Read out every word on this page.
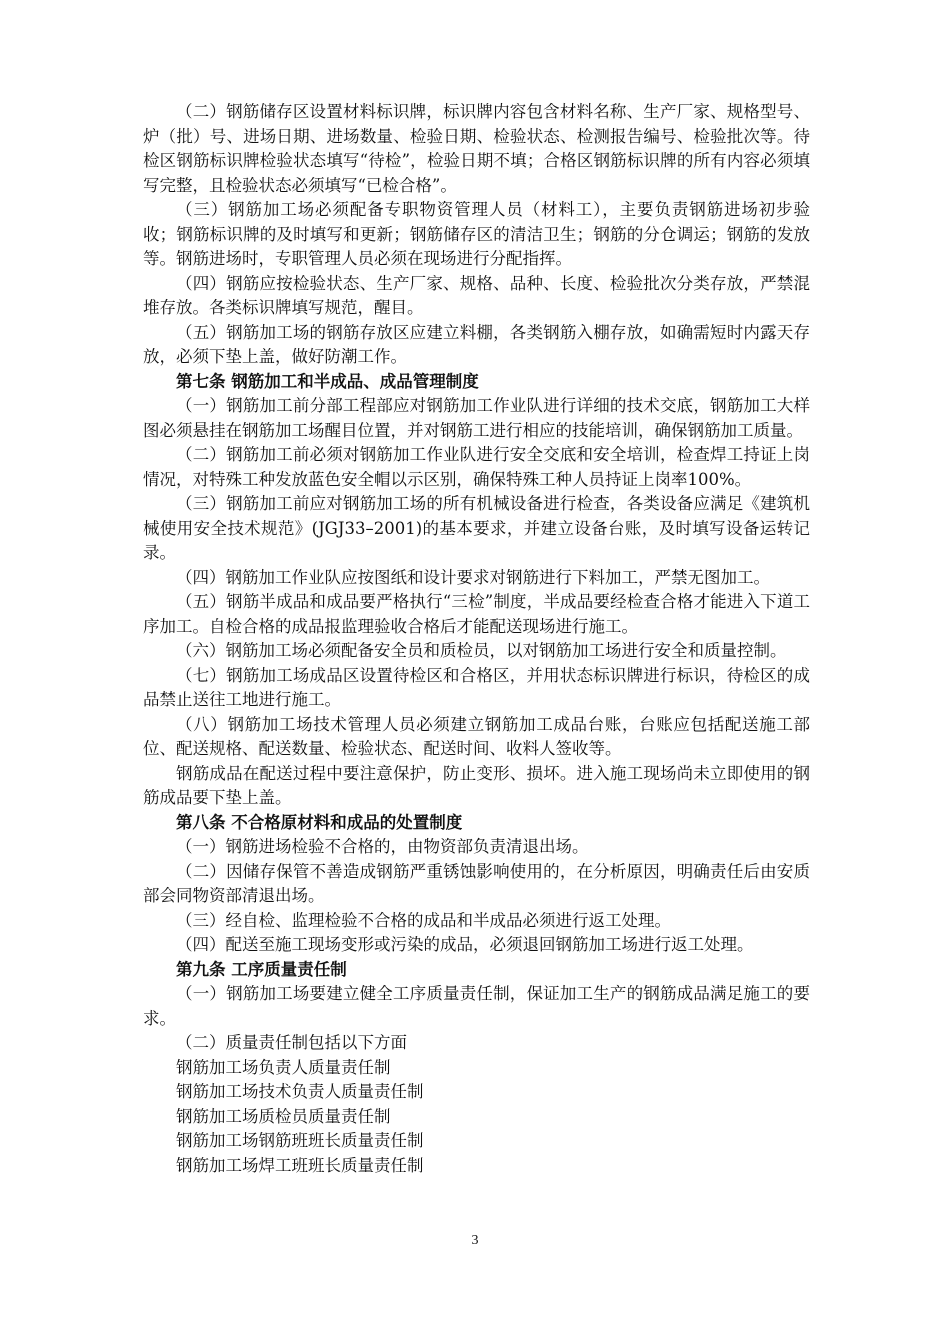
（二）钢筋储存区设置材料标识牌，标识牌内容包含材料名称、生产厂家、规格型号、炉（批）号、进场日期、进场数量、检验日期、检验状态、检测报告编号、检验批次等。待检区钢筋标识牌检验状态填写“待检”，检验日期不填；合格区钢筋标识牌的所有内容必须填写完整，且检验状态必须填写“已检合格”。

（三）钢筋加工场必须配备专职物资管理人员（材料工），主要负责钢筋进场初步验收；钢筋标识牌的及时填写和更新；钢筋储存区的清洁卫生；钢筋的分仓调运；钢筋的发放等。钢筋进场时，专职管理人员必须在现场进行分配指挥。

（四）钢筋应按检验状态、生产厂家、规格、品种、长度、检验批次分类存放，严禁混堆存放。各类标识牌填写规范，醒目。

（五）钢筋加工场的钢筋存放区应建立料棚，各类钢筋入棚存放，如确需短时内露天存放，必须下垫上盖，做好防潮工作。

第七条 钢筋加工和半成品、成品管理制度

（一）钢筋加工前分部工程部应对钢筋加工作业队进行详细的技术交底，钢筋加工大样图必须悬挂在钢筋加工场醒目位置，并对钢筋工进行相应的技能培训，确保钢筋加工质量。

（二）钢筋加工前必须对钢筋加工作业队进行安全交底和安全培训，检查焊工持证上岗情况，对特殊工种发放蓝色安全帽以示区别，确保特殊工种人员持证上岗率100%。

（三）钢筋加工前应对钢筋加工场的所有机械设备进行检查，各类设备应满足《建筑机械使用安全技术规范》(JGJ33–2001)的基本要求，并建立设备台账，及时填写设备运转记录。

（四）钢筋加工作业队应按图纸和设计要求对钢筋进行下料加工，严禁无图加工。

（五）钢筋半成品和成品要严格执行“三检”制度，半成品要经检查合格才能进入下道工序加工。自检合格的成品报监理验收合格后才能配送现场进行施工。

（六）钢筋加工场必须配备安全员和质检员，以对钢筋加工场进行安全和质量控制。

（七）钢筋加工场成品区设置待检区和合格区，并用状态标识牌进行标识，待检区的成品禁止送往工地进行施工。

（八）钢筋加工场技术管理人员必须建立钢筋加工成品台账，台账应包括配送施工部位、配送规格、配送数量、检验状态、配送时间、收料人签收等。

钢筋成品在配送过程中要注意保护，防止变形、损坏。进入施工现场尚未立即使用的钢筋成品要下垫上盖。

第八条 不合格原材料和成品的处置制度

（一）钢筋进场检验不合格的，由物资部负责清退出场。

（二）因储存保管不善造成钢筋严重锈蚀影响使用的，在分析原因，明确责任后由安质部会同物资部清退出场。

（三）经自检、监理检验不合格的成品和半成品必须进行返工处理。

（四）配送至施工现场变形或污染的成品，必须退回钢筋加工场进行返工处理。

第九条 工序质量责任制

（一）钢筋加工场要建立健全工序质量责任制，保证加工生产的钢筋成品满足施工的要求。

（二）质量责任制包括以下方面

钢筋加工场负责人质量责任制

钢筋加工场技术负责人质量责任制

钢筋加工场质检员质量责任制

钢筋加工场钢筋班班长质量责任制

钢筋加工场焊工班班长质量责任制

3
